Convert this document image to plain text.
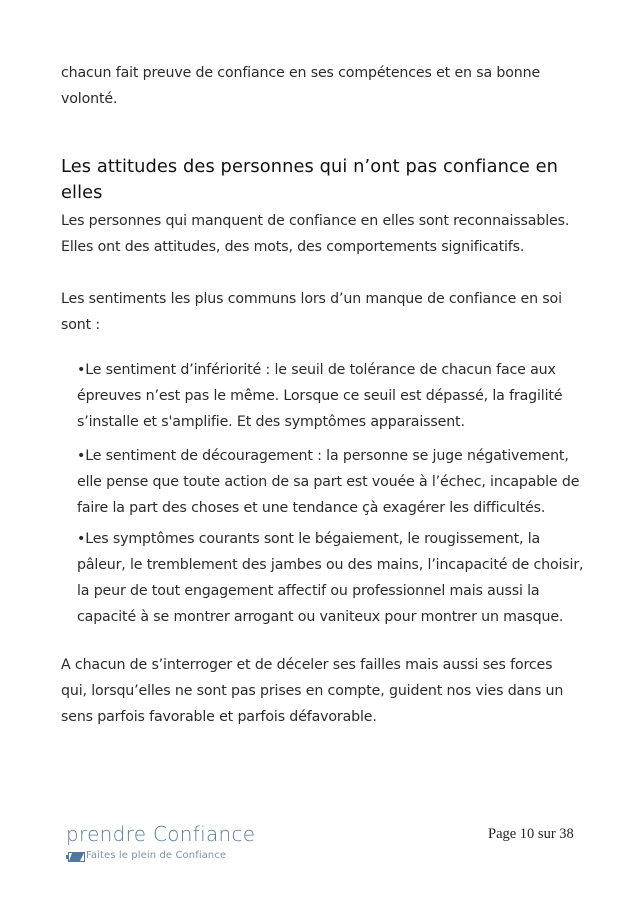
chacun fait preuve de confiance en ses compétences et en sa bonne volonté.

Les attitudes des personnes qui n’ont pas confiance en elles

Les personnes qui manquent de confiance en elles sont reconnaissables. Elles ont des attitudes, des mots, des comportements significatifs.

Les sentiments les plus communs lors d’un manque de confiance en soi sont :

•Le sentiment d’infériorité : le seuil de tolérance de chacun face aux épreuves n’est pas le même. Lorsque ce seuil est dépassé, la fragilité s’installe et s'amplifie. Et des symptômes apparaissent.
•Le sentiment de découragement : la personne se juge négativement, elle pense que toute action de sa part est vouée à l’échec, incapable de faire la part des choses et une tendance çà exagérer les difficultés.
•Les symptômes courants sont le bégaiement, le rougissement, la pâleur, le tremblement des jambes ou des mains, l’incapacité de choisir, la peur de tout engagement affectif ou professionnel mais aussi la capacité à se montrer arrogant ou vaniteux pour montrer un masque.

A chacun de s’interroger et de déceler ses failles mais aussi ses forces qui, lorsqu’elles ne sont pas prises en compte, guident nos vies dans un sens parfois favorable et parfois défavorable.

prendre Confiance
Faites le plein de Confiance
Page 10 sur 38
